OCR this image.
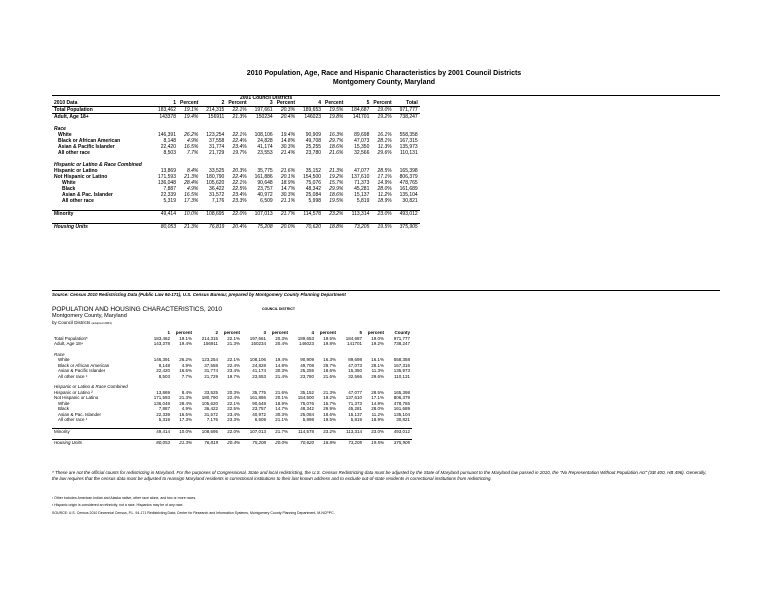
2010 Population, Age, Race and Hispanic Characteristics by 2001 Council Districts
Montgomery County, Maryland
2001 Council Districts
2010 Data	1	Percent	2	Percent	3	Percent	4	Percent	5	Percent	Total
Total Population	183,462	19.1%	214,315	22.1%	197,661	20.3%	189,653	19.5%	184,687	19.0%	971,777
Adult, Age 18+	143378	19.4%	156911	21.3%	150234	20.4%	146023	19.8%	141701	19.2%	738,247

Race											
White	146,391	26.2%	123,254	22.1%	108,106	19.4%	90,909	16.3%	89,698	16.1%	558,358
Black or African American	8,148	4.9%	37,558	22.4%	24,828	14.8%	49,708	29.7%	47,073	28.1%	167,315
Asian & Pacific Islander	22,420	16.5%	31,774	23.4%	41,174	30.3%	25,255	18.6%	15,350	11.3%	135,973
All other race	8,503	7.7%	21,729	19.7%	23,553	21.4%	23,780	21.6%	32,566	29.6%	110,131

Hispanic or Latino & Race Combined											
Hispanic or Latino	13,869	8.4%	33,525	20.3%	35,775	21.6%	35,152	21.3%	47,077	28.5%	165,398
Not Hispanic or Latino	171,593	21.3%	180,790	22.4%	161,886	20.1%	154,500	19.2%	137,610	17.1%	806,379
White	136,048	28.4%	105,620	22.1%	90,648	18.9%	75,076	15.7%	71,373	14.9%	478,765
Black	7,887	4.9%	36,422	22.5%	23,757	14.7%	48,342	29.9%	45,281	28.0%	161,689
Asian & Pac. Islander	22,339	16.5%	31,572	23.4%	40,972	30.3%	25,084	18.6%	15,137	11.2%	135,104
All other race	5,319	17.3%	7,176	23.3%	6,509	21.1%	5,998	19.5%	5,819	18.9%	30,821

Minority	49,414	10.0%	108,695	22.0%	107,013	21.7%	114,578	23.2%	113,314	23.0%	493,012

Housing Units	80,053	21.3%	76,819	20.4%	75,208	20.0%	70,620	18.8%	73,205	19.5%	375,905
Source: Census 2010 Redistricting Data (Public Law 94-171), U.S. Census Bureau; prepared by Montgomery County Planning Department
POPULATION AND HOUSING CHARACTERISTICS, 2010
	1	percent	2	percent	3	percent	4	percent	5	percent	County
Total Population*	183,462	19.1%	214,315	22.1%	197,661	20.3%	189,653	19.5%	184,687	19.0%	971,777
Adult, Age 18+	143,378	19.4%	156911	21.3%	150234	20.4%	146023	19.8%	141701	19.2%	738,247

Race											
White	146,391	26.2%	123,254	22.1%	108,106	19.4%	90,909	16.3%	89,698	16.1%	558,358
Black or African American	8,148	4.9%	37,558	22.4%	24,828	14.8%	49,708	29.7%	47,073	28.1%	167,315
Asian & Pacific Islander	22,420	16.5%	31,774	23.4%	41,174	30.3%	25,255	18.6%	15,350	11.3%	135,973
All other race ¹	8,503	7.7%	21,729	19.7%	23,553	21.4%	23,780	21.6%	32,566	29.6%	110,131

Hispanic or Latino & Race Combined											
Hispanic or Latino ²	13,869	8.4%	33,525	20.3%	35,775	21.6%	35,152	21.3%	47,077	28.5%	165,398
Not Hispanic or Latino	171,593	21.3%	180,790	22.4%	161,886	20.1%	154,500	19.2%	137,610	17.1%	806,379
White	136,048	28.4%	105,620	22.1%	90,648	18.9%	75,076	15.7%	71,373	14.9%	478,765
Black	7,887	4.9%	36,422	22.5%	23,757	14.7%	48,342	29.9%	45,281	28.0%	161,689
Asian & Pac. Islander	22,339	16.5%	31,572	23.4%	40,972	30.3%	25,084	18.6%	15,137	11.2%	135,104
All other race ¹	5,319	17.3%	7,176	23.3%	6,509	21.1%	5,998	19.5%	5,819	18.9%	30,821

Minority	49,414	10.0%	108,695	22.0%	107,013	21.7%	114,578	23.2%	113,314	23.0%	493,012

Housing Units	80,053	21.3%	76,819	20.4%	75,208	20.0%	70,620	18.8%	73,205	19.5%	375,905
Montgomery County, Maryland
by Council Districts (adopted 2001)
COUNCIL DISTRICT
* These are not the official counts for redistricting in Maryland. For the purposes of Congressional, State and local redistricting, the U.S. Census Redistricting data must be adjusted by the State of Maryland pursuant to the Maryland law passed in 2010, the "No Representation Without Population Act" (SB 400, HB 496). Generally, the law requires that the census data must be adjusted to reassign Maryland residents in correctional institutions to their last known address and to exclude out-of-state residents in correctional institutions from redistricting.
¹ Other includes American Indian and Alaska native, other race alone, and two or more races.
² Hispanic origin is considered an ethnicity, not a race. Hispanics may be of any race.
SOURCE: U.S. Census 2010 Decennial Census, P.L. 94-171 Redistricting Data; Center for Research and Information Systems, Montgomery County Planning Department, M-NCPPC.
